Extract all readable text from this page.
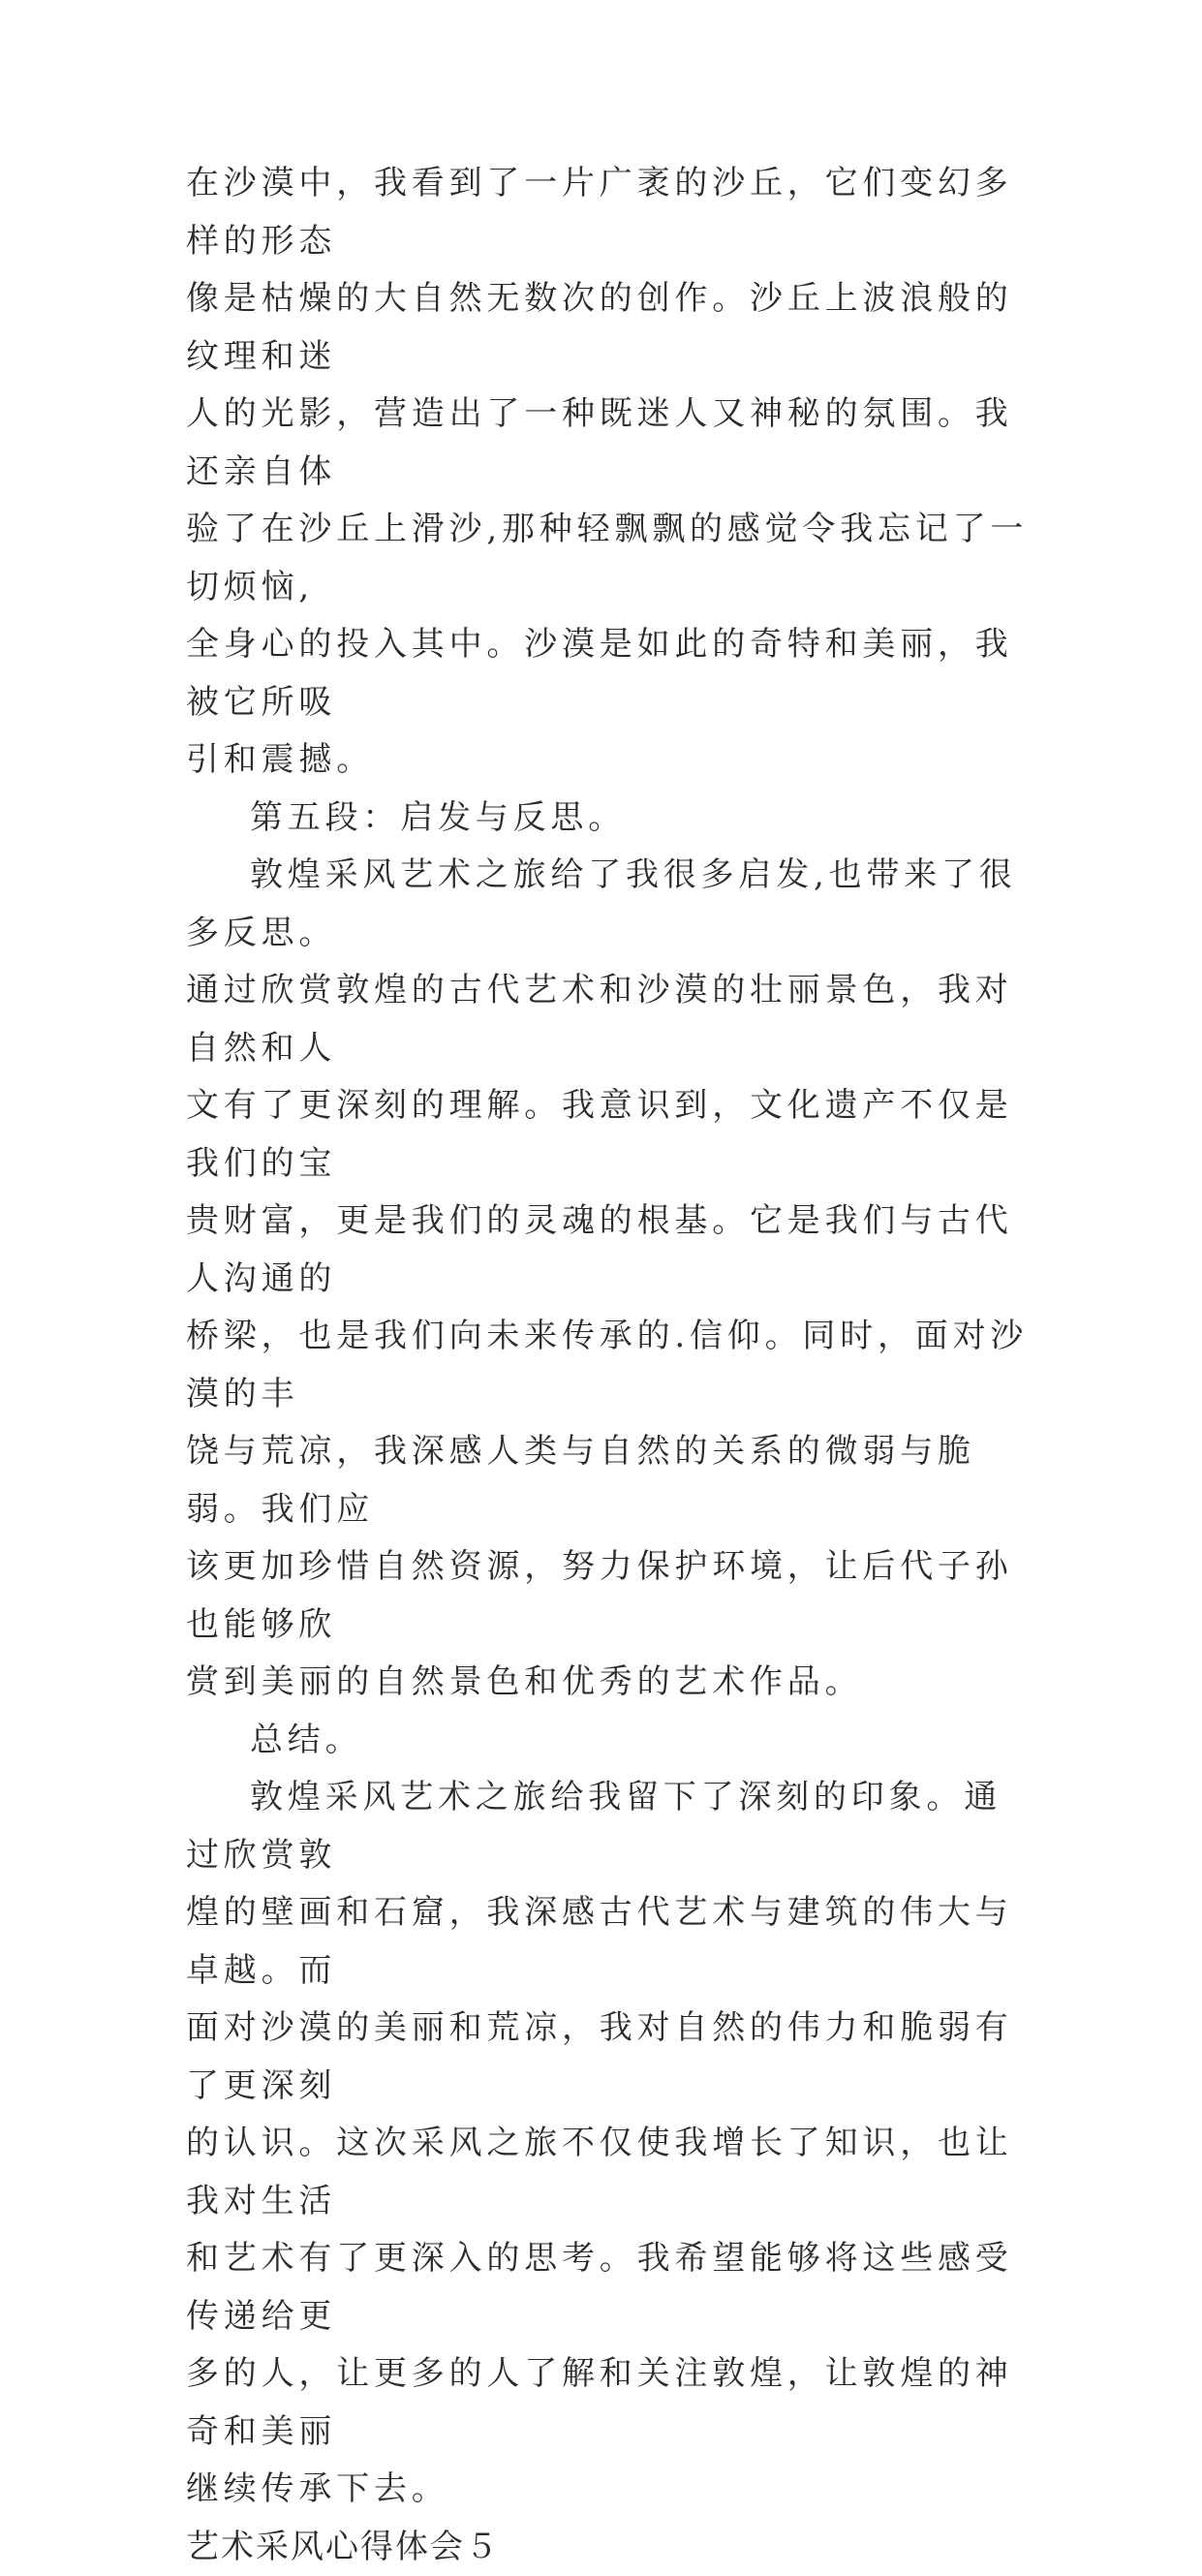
在沙漠中，我看到了一片广袤的沙丘，它们变幻多样的形态
像是枯燥的大自然无数次的创作。沙丘上波浪般的纹理和迷
人的光影，营造出了一种既迷人又神秘的氛围。我还亲自体
验了在沙丘上滑沙,那种轻飘飘的感觉令我忘记了一切烦恼,
全身心的投入其中。沙漠是如此的奇特和美丽，我被它所吸
引和震撼。

第五段：启发与反思。

敦煌采风艺术之旅给了我很多启发,也带来了很多反思。
通过欣赏敦煌的古代艺术和沙漠的壮丽景色，我对自然和人
文有了更深刻的理解。我意识到，文化遗产不仅是我们的宝
贵财富，更是我们的灵魂的根基。它是我们与古代人沟通的
桥梁，也是我们向未来传承的.信仰。同时，面对沙漠的丰
饶与荒凉，我深感人类与自然的关系的微弱与脆弱。我们应
该更加珍惜自然资源，努力保护环境，让后代子孙也能够欣
赏到美丽的自然景色和优秀的艺术作品。

总结。

敦煌采风艺术之旅给我留下了深刻的印象。通过欣赏敦
煌的壁画和石窟，我深感古代艺术与建筑的伟大与卓越。而
面对沙漠的美丽和荒凉，我对自然的伟力和脆弱有了更深刻
的认识。这次采风之旅不仅使我增长了知识，也让我对生活
和艺术有了更深入的思考。我希望能够将这些感受传递给更
多的人，让更多的人了解和关注敦煌，让敦煌的神奇和美丽
继续传承下去。

艺术采风心得体会５
